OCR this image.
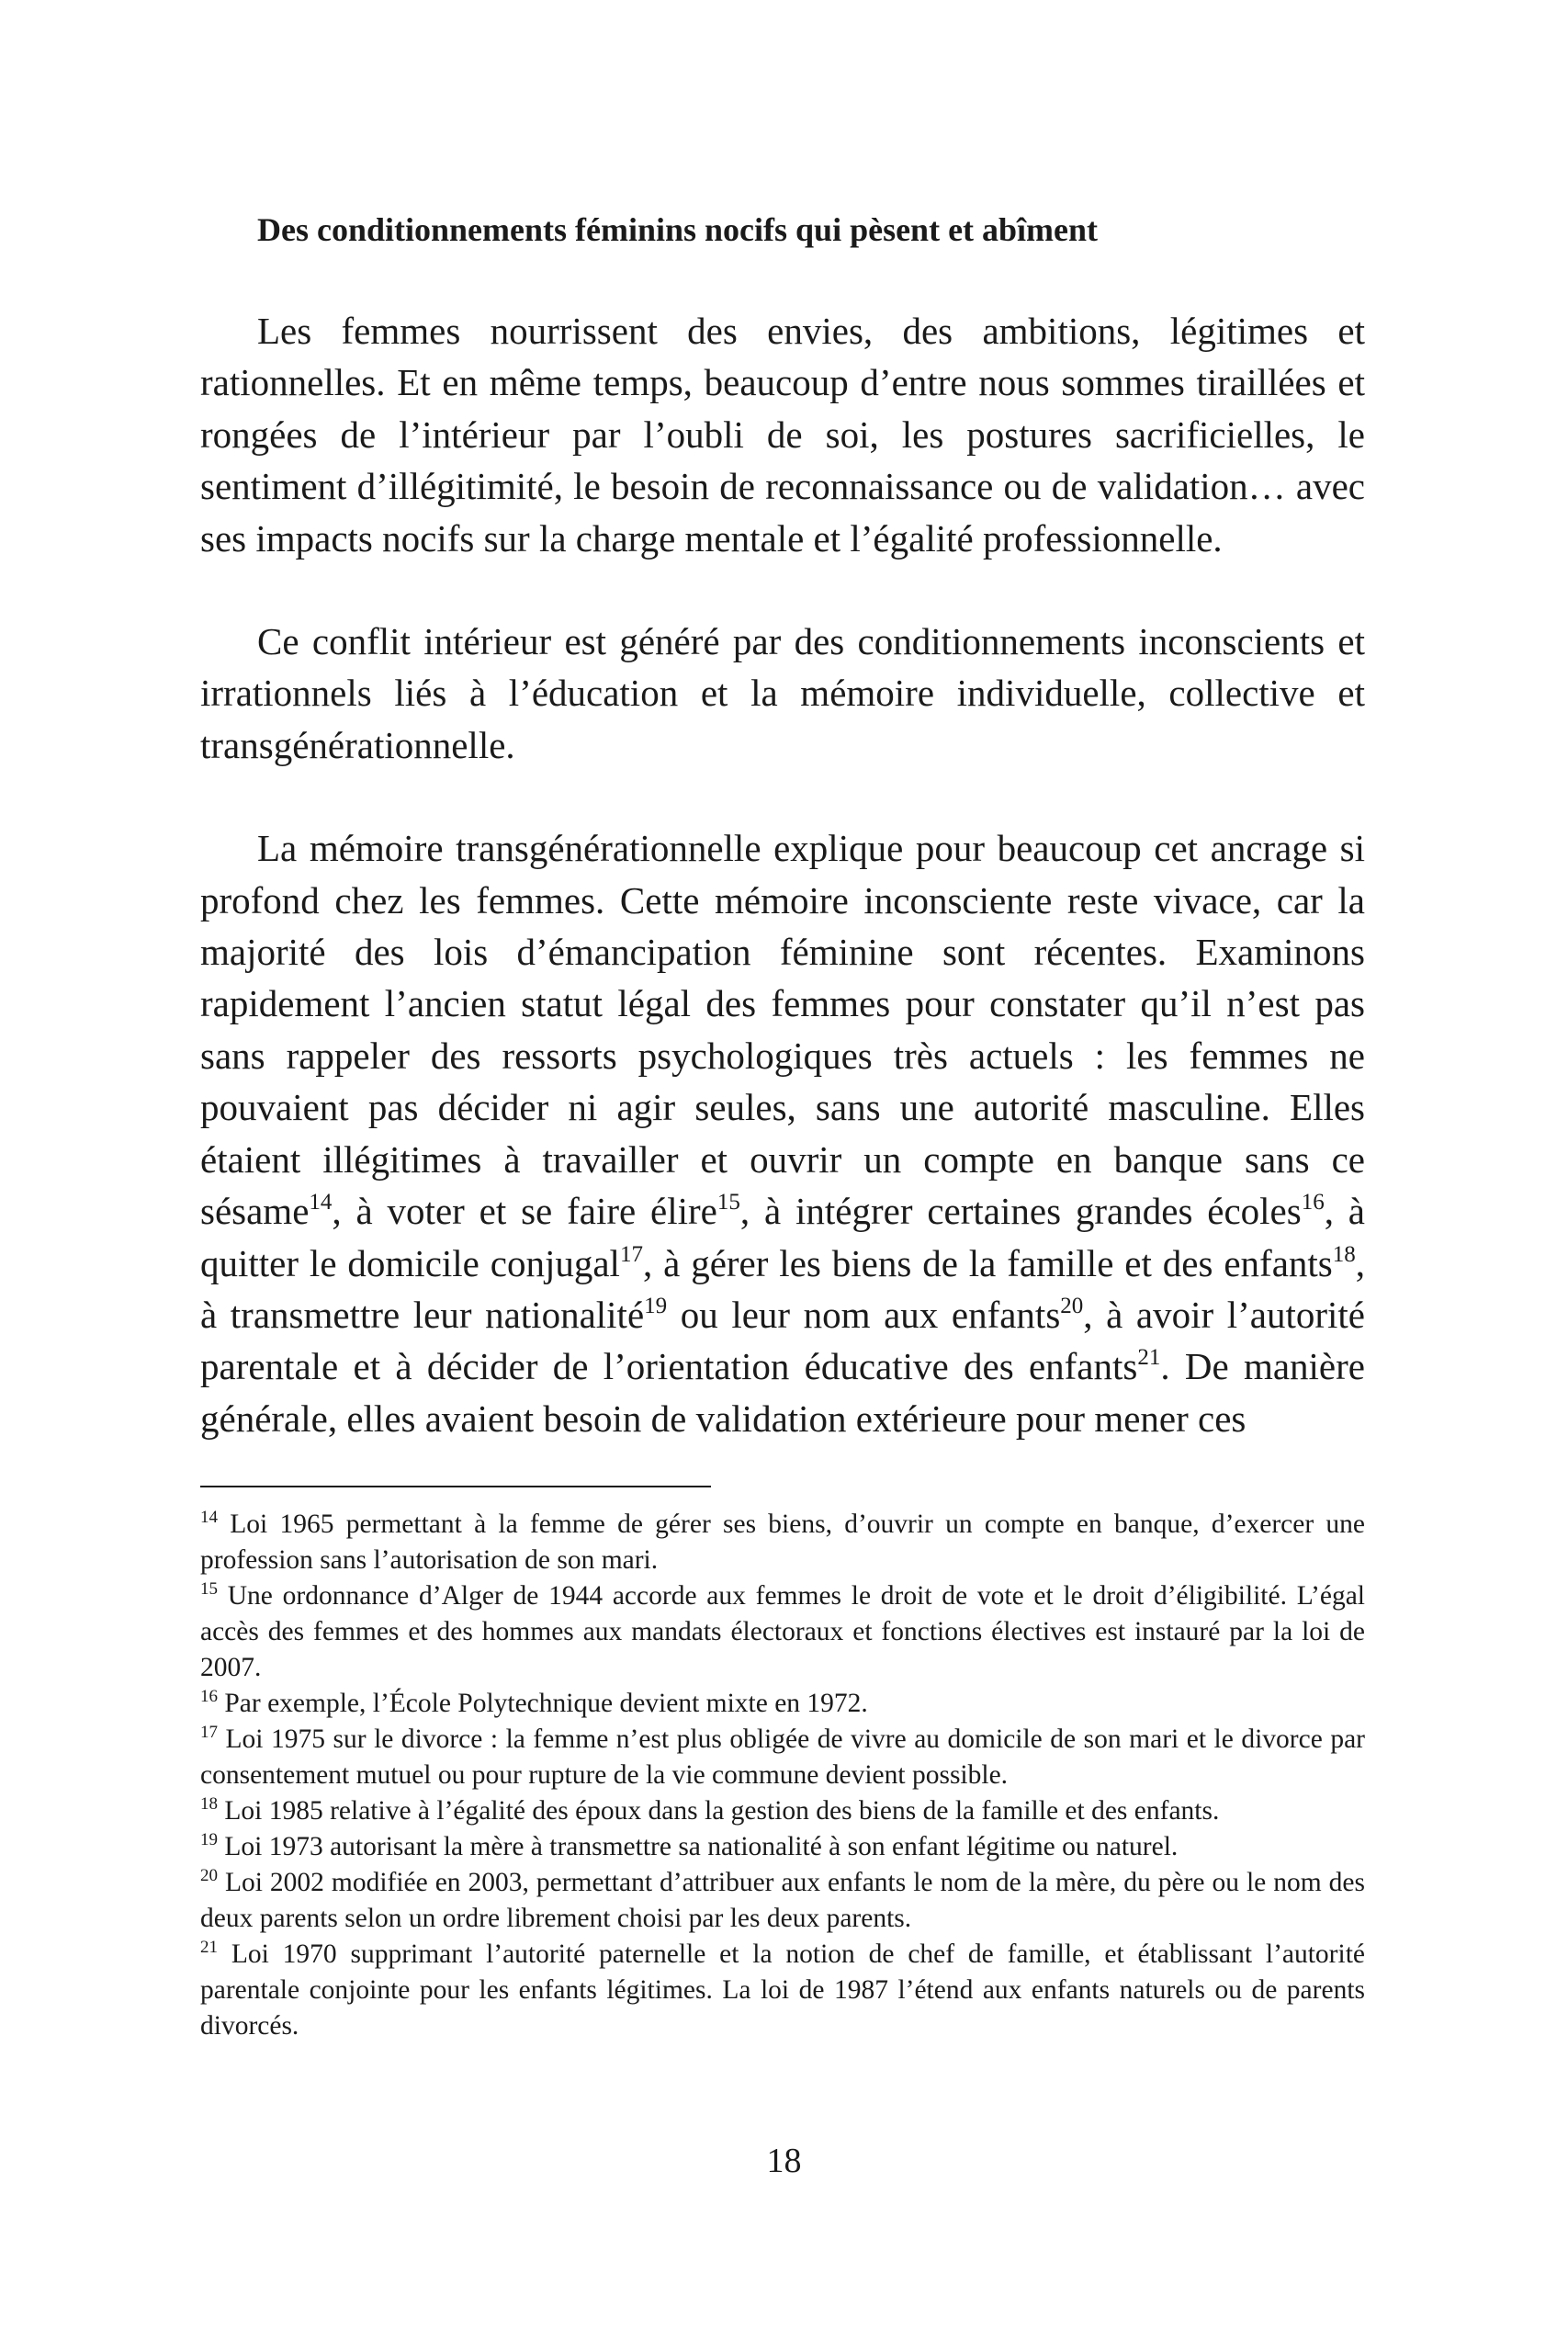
Des conditionnements féminins nocifs qui pèsent et abîment

Les femmes nourrissent des envies, des ambitions, légitimes et rationnelles. Et en même temps, beaucoup d’entre nous sommes tiraillées et rongées de l’intérieur par l’oubli de soi, les postures sacrificielles, le sentiment d’illégitimité, le besoin de reconnaissance ou de validation… avec ses impacts nocifs sur la charge mentale et l’égalité professionnelle.

Ce conflit intérieur est généré par des conditionnements inconscients et irrationnels liés à l’éducation et la mémoire individuelle, collective et transgénérationnelle.

La mémoire transgénérationnelle explique pour beaucoup cet ancrage si profond chez les femmes. Cette mémoire inconsciente reste vivace, car la majorité des lois d’émancipation féminine sont récentes. Examinons rapidement l’ancien statut légal des femmes pour constater qu’il n’est pas sans rappeler des ressorts psychologiques très actuels : les femmes ne pouvaient pas décider ni agir seules, sans une autorité masculine. Elles étaient illégitimes à travailler et ouvrir un compte en banque sans ce sésame$^{14}$, à voter et se faire élire$^{15}$, à intégrer certaines grandes écoles$^{16}$, à quitter le domicile conjugal$^{17}$, à gérer les biens de la famille et des enfants$^{18}$, à transmettre leur nationalité$^{19}$ ou leur nom aux enfants$^{20}$, à avoir l’autorité parentale et à décider de l’orientation éducative des enfants$^{21}$. De manière générale, elles avaient besoin de validation extérieure pour mener ces

$^{14}$ Loi 1965 permettant à la femme de gérer ses biens, d’ouvrir un compte en banque, d’exercer une profession sans l’autorisation de son mari.

$^{15}$ Une ordonnance d’Alger de 1944 accorde aux femmes le droit de vote et le droit d’éligibilité. L’égal accès des femmes et des hommes aux mandats électoraux et fonctions électives est instauré par la loi de 2007.

$^{16}$ Par exemple, l’École Polytechnique devient mixte en 1972.

$^{17}$ Loi 1975 sur le divorce : la femme n’est plus obligée de vivre au domicile de son mari et le divorce par consentement mutuel ou pour rupture de la vie commune devient possible.

$^{18}$ Loi 1985 relative à l’égalité des époux dans la gestion des biens de la famille et des enfants.

$^{19}$ Loi 1973 autorisant la mère à transmettre sa nationalité à son enfant légitime ou naturel.

$^{20}$ Loi 2002 modifiée en 2003, permettant d’attribuer aux enfants le nom de la mère, du père ou le nom des deux parents selon un ordre librement choisi par les deux parents.

$^{21}$ Loi 1970 supprimant l’autorité paternelle et la notion de chef de famille, et établissant l’autorité parentale conjointe pour les enfants légitimes. La loi de 1987 l’étend aux enfants naturels ou de parents divorcés.

18
